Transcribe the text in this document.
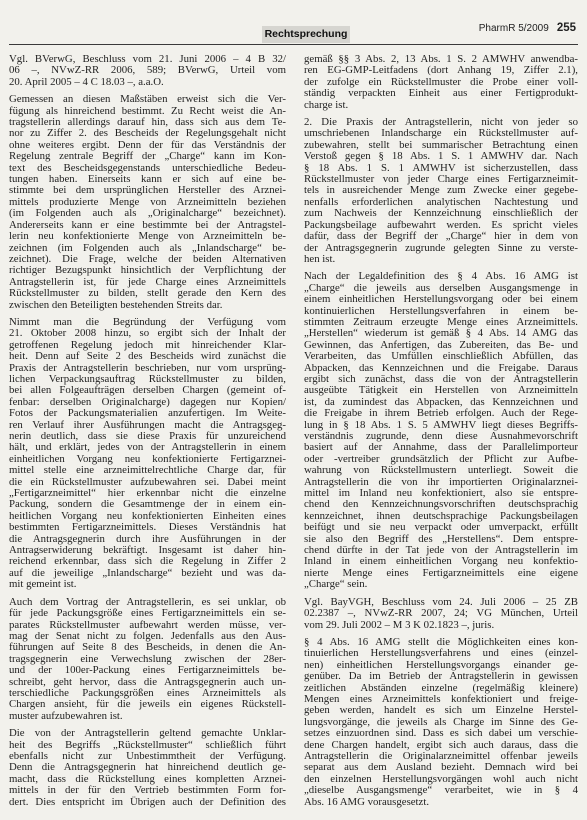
Rechtsprechung	PharmR 5/2009 255
Vgl. BVerwG, Beschluss vom 21. Juni 2006 – 4 B 32/
06 –, NVwZ-RR 2006, 589; BVerwG, Urteil vom
20. April 2005 – 4 C 18.03 –, a.a.O.
Gemessen an diesen Maßstäben erweist sich die Ver-
fügung als hinreichend bestimmt. Zu Recht weist die An-
tragstellerin allerdings darauf hin, dass sich aus dem Te-
nor zu Ziffer 2. des Bescheids der Regelungsgehalt nicht
ohne weiteres ergibt. Denn der für das Verständnis der
Regelung zentrale Begriff der „Charge“ kann im Kon-
text des Bescheidsgegenstands unterschiedliche Bedeu-
tungen haben. Einerseits kann er sich auf eine be-
stimmte bei dem ursprünglichen Hersteller des Arznei-
mittels produzierte Menge von Arzneimitteln beziehen
(im Folgenden auch als „Originalcharge“ bezeichnet).
Andererseits kann er eine bestimmte bei der Antragstel-
lerin neu konfektionierte Menge von Arzneimitteln be-
zeichnen (im Folgenden auch als „Inlandscharge“ be-
zeichnet). Die Frage, welche der beiden Alternativen
richtiger Bezugspunkt hinsichtlich der Verpflichtung der
Antragstellerin ist, für jede Charge eines Arzneimittels
Rückstellmuster zu bilden, stellt gerade den Kern des
zwischen den Beteiligten bestehenden Streits dar.
Nimmt man die Begründung der Verfügung vom
21. Oktober 2008 hinzu, so ergibt sich der Inhalt der
getroffenen Regelung jedoch mit hinreichender Klar-
heit. Denn auf Seite 2 des Bescheids wird zunächst die
Praxis der Antragstellerin beschrieben, nur vom ursprüng-
lichen Verpackungsauftrag Rückstellmuster zu bilden,
bei allen Folgeaufträgen derselben Chargen (gemeint of-
fenbar: derselben Originalcharge) dagegen nur Kopien/
Fotos der Packungsmaterialien anzufertigen. Im Weite-
ren Verlauf ihrer Ausführungen macht die Antragsgeg-
nerin deutlich, dass sie diese Praxis für unzureichend
hält, und erklärt, jedes von der Antragstellerin in einem
einheitlichen Vorgang neu konfektionierte Fertigarznei-
mittel stelle eine arzneimittelrechtliche Charge dar, für
die ein Rückstellmuster aufzubewahren sei. Dabei meint
„Fertigarzneimittel“ hier erkennbar nicht die einzelne
Packung, sondern die Gesamtmenge der in einem ein-
heitlichen Vorgang neu konfektionierten Einheiten eines
bestimmten Fertigarzneimittels. Dieses Verständnis hat
die Antragsgegnerin durch ihre Ausführungen in der
Antragserwiderung bekräftigt. Insgesamt ist daher hin-
reichend erkennbar, dass sich die Regelung in Ziffer 2
auf die jeweilige „Inlandscharge“ bezieht und was da-
mit gemeint ist.
Auch dem Vortrag der Antragstellerin, es sei unklar, ob
für jede Packungsgröße eines Fertigarzneimittels ein se-
parates Rückstellmuster aufbewahrt werden müsse, ver-
mag der Senat nicht zu folgen. Jedenfalls aus den Aus-
führungen auf Seite 8 des Bescheids, in denen die An-
tragsgegnerin eine Verwechslung zwischen der 28er-
und der 100er-Packung eines Fertigarzneimittels be-
schreibt, geht hervor, dass die Antragsgegnerin auch un-
terschiedliche Packungsgrößen eines Arzneimittels als
Chargen ansieht, für die jeweils ein eigenes Rückstell-
muster aufzubewahren ist.
Die von der Antragstellerin geltend gemachte Unklar-
heit des Begriffs „Rückstellmuster“ schließlich führt
ebenfalls nicht zur Unbestimmtheit der Verfügung.
Denn die Antragsgegnerin hat hinreichend deutlich ge-
macht, dass die Rückstellung eines kompletten Arznei-
mittels in der für den Vertrieb bestimmten Form for-
dert. Dies entspricht im Übrigen auch der Definition des
gemäß §§ 3 Abs. 2, 13 Abs. 1 S. 2 AMWHV anwendba-
ren EG-GMP-Leitfadens (dort Anhang 19, Ziffer 2.1),
der zufolge ein Rückstellmuster die Probe einer voll-
ständig verpackten Einheit aus einer Fertigprodukt-
charge ist.
2. Die Praxis der Antragstellerin, nicht von jeder so
umschriebenen Inlandscharge ein Rückstellmuster auf-
zubewahren, stellt bei summarischer Betrachtung einen
Verstoß gegen § 18 Abs. 1 S. 1 AMWHV dar. Nach
§ 18 Abs. 1 S. 1 AMWHV ist sicherzustellen, dass
Rückstellmuster von jeder Charge eines Fertigarzneimit-
tels in ausreichender Menge zum Zwecke einer gegebe-
nenfalls erforderlichen analytischen Nachtestung und
zum Nachweis der Kennzeichnung einschließlich der
Packungsbeilage aufbewahrt werden. Es spricht vieles
dafür, dass der Begriff der „Charge“ hier in dem von
der Antragsgegnerin zugrunde gelegten Sinne zu verste-
hen ist.
Nach der Legaldefinition des § 4 Abs. 16 AMG ist
„Charge“ die jeweils aus derselben Ausgangsmenge in
einem einheitlichen Herstellungsvorgang oder bei einem
kontinuierlichen Herstellungsverfahren in einem be-
stimmten Zeitraum erzeugte Menge eines Arzneimittels.
„Herstellen“ wiederum ist gemäß § 4 Abs. 14 AMG das
Gewinnen, das Anfertigen, das Zubereiten, das Be- und
Verarbeiten, das Umfüllen einschließlich Abfüllen, das
Abpacken, das Kennzeichnen und die Freigabe. Daraus
ergibt sich zunächst, dass die von der Antragstellerin
ausgeübte Tätigkeit ein Herstellen von Arzneimitteln
ist, da zumindest das Abpacken, das Kennzeichnen und
die Freigabe in ihrem Betrieb erfolgen. Auch der Rege-
lung in § 18 Abs. 1 S. 5 AMWHV liegt dieses Begriffs-
verständnis zugrunde, denn diese Ausnahmevorschrift
basiert auf der Annahme, dass der Parallelimporteur
oder -vertreiber grundsätzlich der Pflicht zur Aufbe-
wahrung von Rückstellmustern unterliegt. Soweit die
Antragstellerin die von ihr importierten Originalarznei-
mittel im Inland neu konfektioniert, also sie entspre-
chend den Kennzeichnungsvorschriften deutschsprachig
kennzeichnet, ihnen deutschsprachige Packungsbeilagen
beifügt und sie neu verpackt oder umverpackt, erfüllt
sie also den Begriff des „Herstellens“. Dem entspre-
chend dürfte in der Tat jede von der Antragstellerin im
Inland in einem einheitlichen Vorgang neu konfektio-
nierte Menge eines Fertigarzneimittels eine eigene
„Charge“ sein.
Vgl. BayVGH, Beschluss vom 24. Juli 2006 – 25 ZB
02.2387 –, NVwZ-RR 2007, 24; VG München, Urteil
vom 29. Juli 2002 – M 3 K 02.1823 –, juris.
§ 4 Abs. 16 AMG stellt die Möglichkeiten eines kon-
tinuierlichen Herstellungsverfahrens und eines (einzel-
nen) einheitlichen Herstellungsvorgangs einander ge-
genüber. Da im Betrieb der Antragstellerin in gewissen
zeitlichen Abständen einzelne (regelmäßig kleinere)
Mengen eines Arzneimittels konfektioniert und freige-
geben werden, handelt es sich um Einzelne Herstel-
lungsvorgänge, die jeweils als Charge im Sinne des Ge-
setzes einzuordnen sind. Dass es sich dabei um verschie-
dene Chargen handelt, ergibt sich auch daraus, dass die
Antragstellerin die Originalarzneimittel offenbar jeweils
separat aus dem Ausland bezieht. Demnach wird bei
den einzelnen Herstellungsvorgängen wohl auch nicht
„dieselbe Ausgangsmenge“ verarbeitet, wie in § 4
Abs. 16 AMG vorausgesetzt.
